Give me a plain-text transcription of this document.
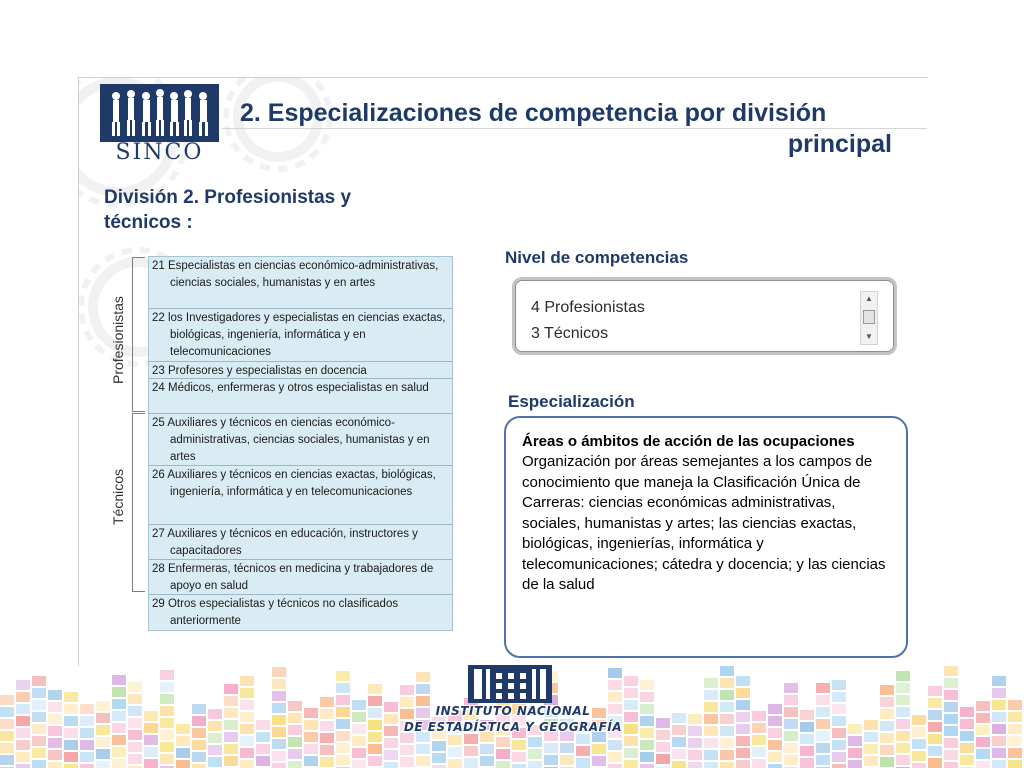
SINCO
2. Especializaciones de competencia por división
principal
División 2. Profesionistas y
técnicos :
Profesionistas
Técnicos
21 Especialistas en ciencias económico-administrativas, ciencias sociales, humanistas y en artes
22 los Investigadores y especialistas en ciencias exactas, biológicas, ingeniería, informática y en telecomunicaciones
23 Profesores y especialistas en docencia
24 Médicos, enfermeras y otros especialistas en salud
25 Auxiliares y técnicos en ciencias económico-administrativas, ciencias sociales, humanistas y en artes
26 Auxiliares y técnicos en ciencias exactas, biológicas, ingeniería, informática y en telecomunicaciones
27 Auxiliares y técnicos en educación, instructores y capacitadores
28 Enfermeras, técnicos en medicina y trabajadores de apoyo en salud
29 Otros especialistas y técnicos no clasificados anteriormente
Nivel de competencias
4 Profesionistas
3 Técnicos
▲
▼
Especialización
Áreas o ámbitos de acción de las ocupaciones
Organización por áreas semejantes a los campos de conocimiento que maneja la Clasificación Única de Carreras: ciencias económicas administrativas, sociales, humanistas y artes; las ciencias exactas, biológicas, ingenierías, informática y telecomunicaciones; cátedra y docencia; y las ciencias de la salud
INSTITUTO NACIONAL
DE ESTADÍSTICA Y GEOGRAFÍA
